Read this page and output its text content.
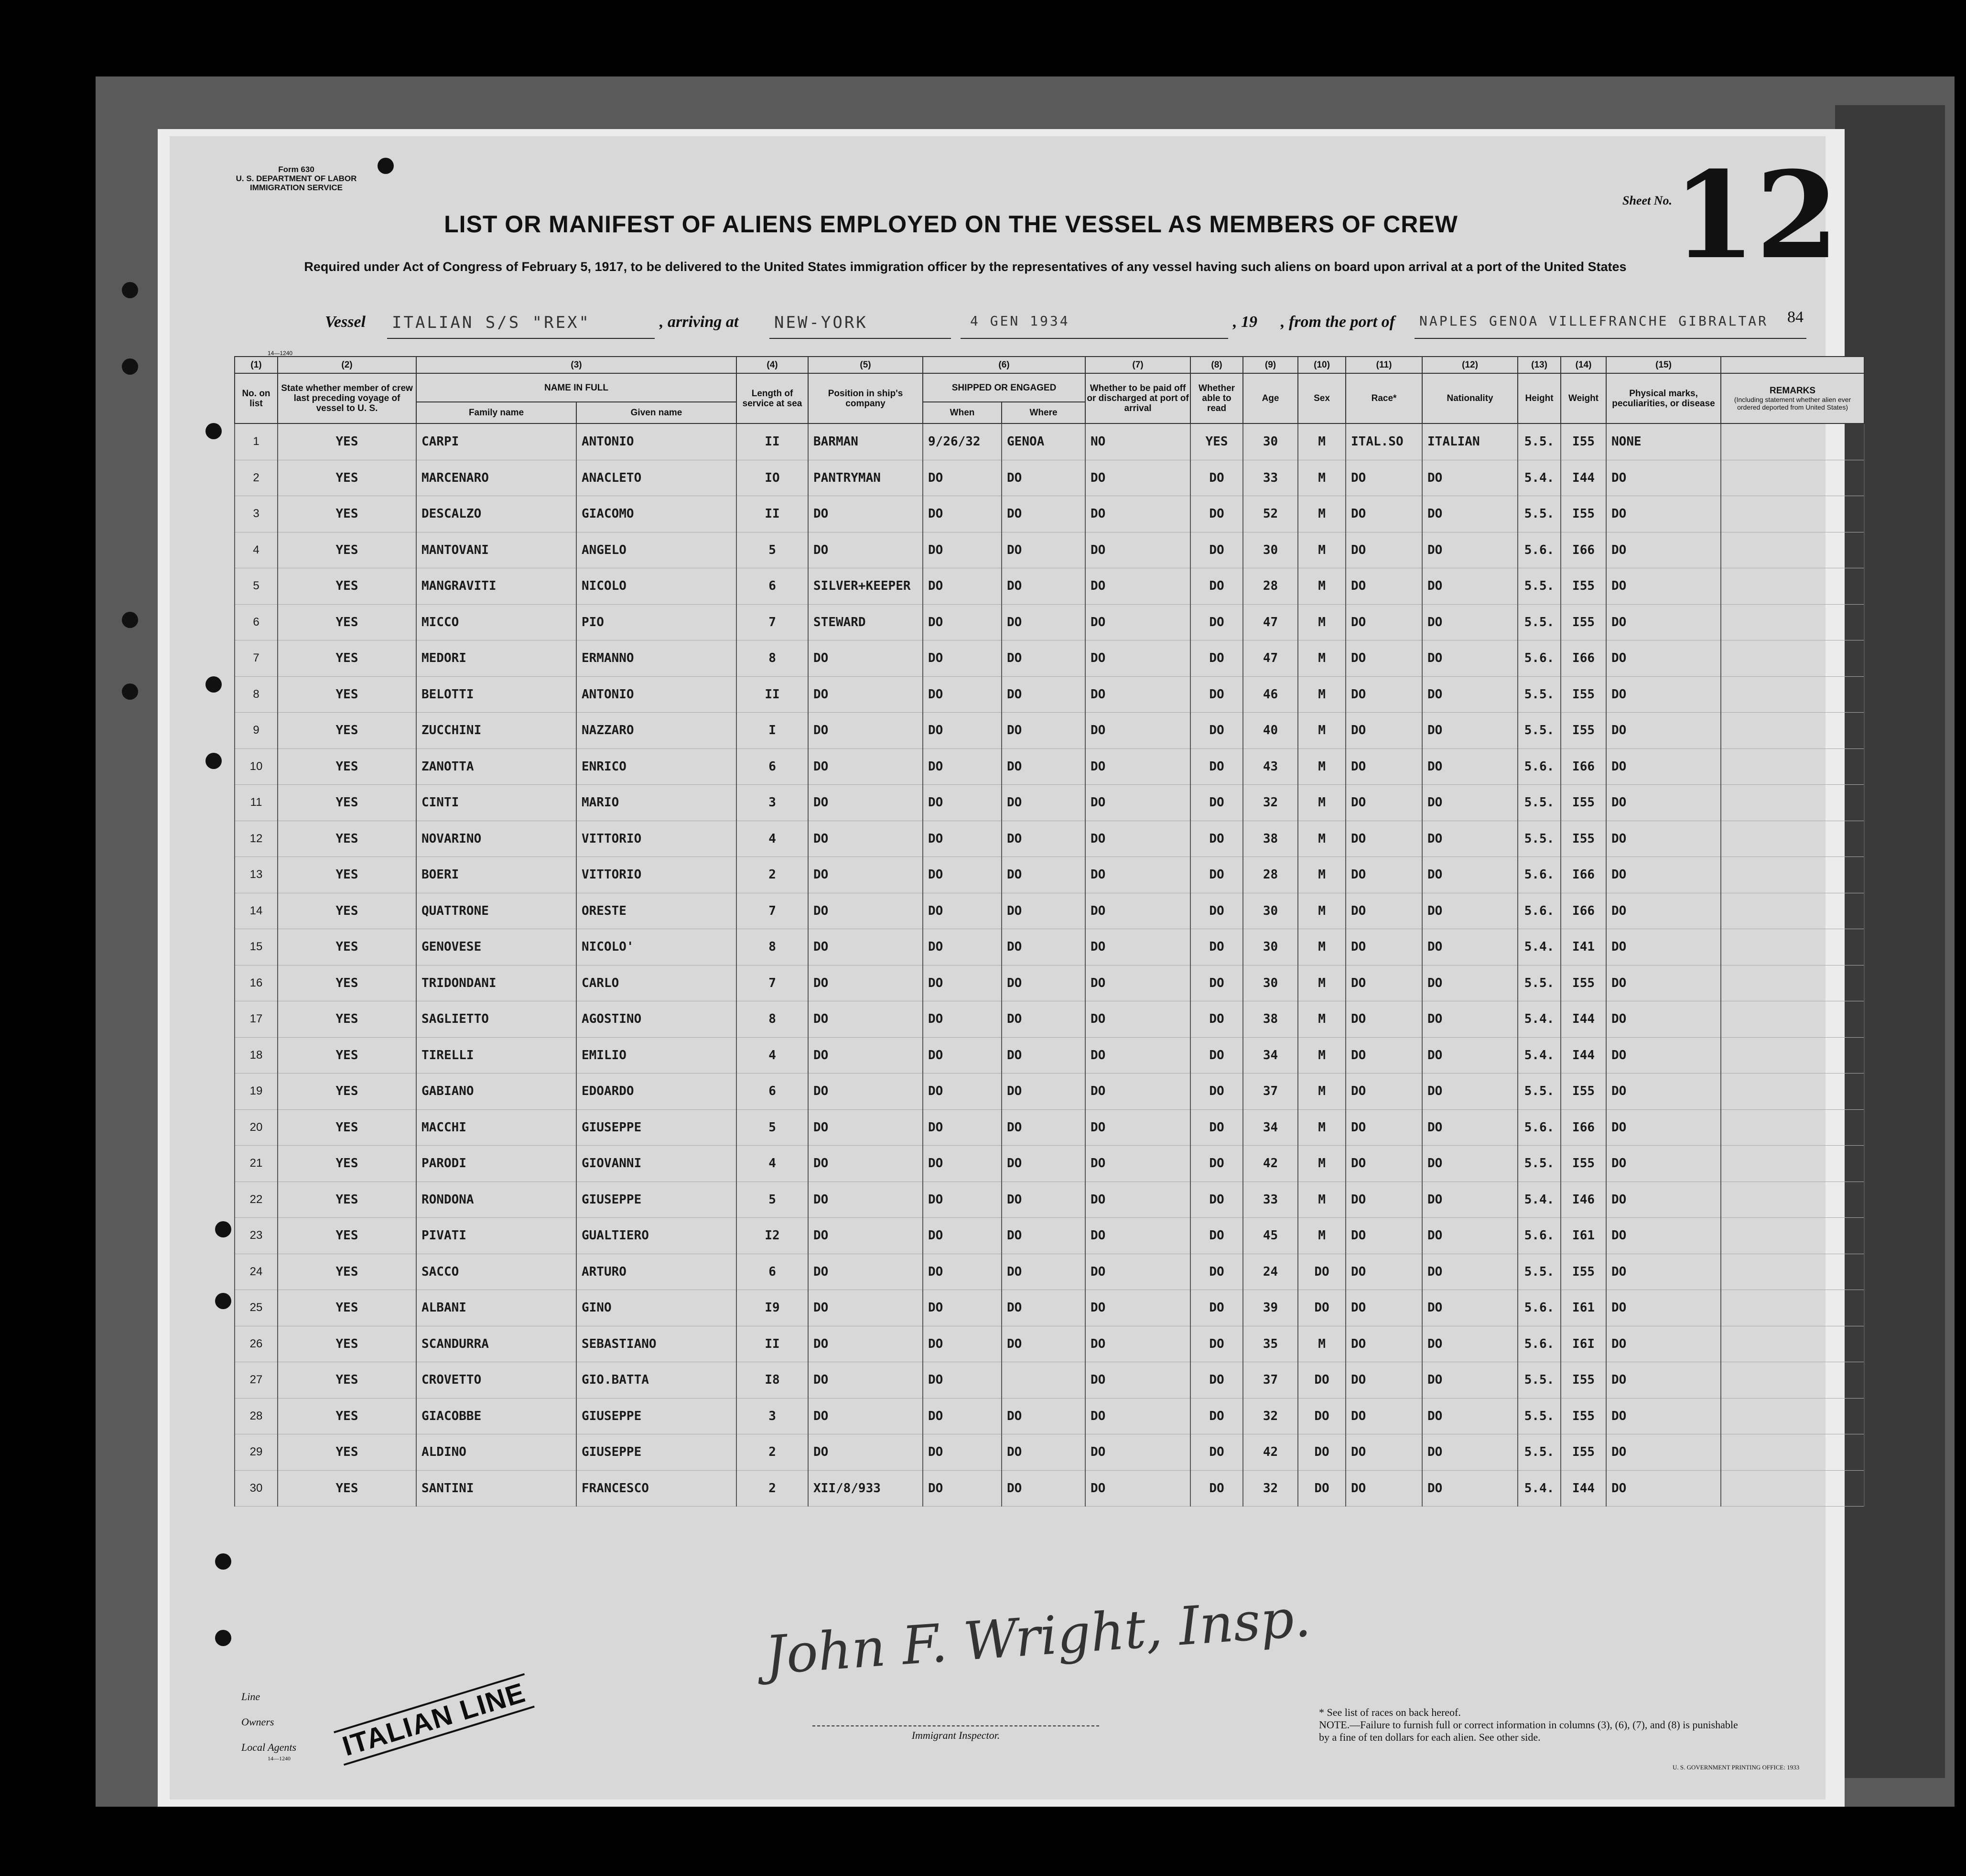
Form 630
U. S. DEPARTMENT OF LABOR
IMMIGRATION SERVICE
14—1240
LIST OR MANIFEST OF ALIENS EMPLOYED ON THE VESSEL AS MEMBERS OF CREW
Required under Act of Congress of February 5, 1917, to be delivered to the United States immigration officer by the representatives of any vessel having such aliens on board upon arrival at a port of the United States
Sheet No. 12
Vessel ITALIAN S/S "REX"	, arriving at NEW-YORK	4 GEN 1934	, 19 , from the port of NAPLES GENOA VILLEFRANCHE GIBRALTAR 84
(1)	(2)	(3)		(4)	(5)	(6)		(7)	(8)	(9)	(10)	(11)	(12)	(13)	(14)	(15)	
No. on list	State whether member of crew last preceding voyage of vessel to U. S.	NAME IN FULL		Length of service at sea	Position in ship's company	SHIPPED OR ENGAGED		Whether to be paid off or discharged at port of arrival	Whether able to read	Age	Sex	Race*	Nationality	Height	Weight	Physical marks, peculiarities, or disease	REMARKS
(Including statement whether alien ever ordered deported from United States)

		Family name	Given name			When	Where										
1	YES	CARPI	ANTONIO	II	BARMAN	9/26/32	GENOA	NO	YES	30	M	ITAL.SO	ITALIAN	5.5.	I55	NONE	
2	YES	MARCENARO	ANACLETO	IO	PANTRYMAN	DO	DO	DO	DO	33	M	DO	DO	5.4.	I44	DO	
3	YES	DESCALZO	GIACOMO	II	DO	DO	DO	DO	DO	52	M	DO	DO	5.5.	I55	DO	
4	YES	MANTOVANI	ANGELO	5	DO	DO	DO	DO	DO	30	M	DO	DO	5.6.	I66	DO	
5	YES	MANGRAVITI	NICOLO	6	SILVER+KEEPER	DO	DO	DO	DO	28	M	DO	DO	5.5.	I55	DO	
6	YES	MICCO	PIO	7	STEWARD	DO	DO	DO	DO	47	M	DO	DO	5.5.	I55	DO	
7	YES	MEDORI	ERMANNO	8	DO	DO	DO	DO	DO	47	M	DO	DO	5.6.	I66	DO	
8	YES	BELOTTI	ANTONIO	II	DO	DO	DO	DO	DO	46	M	DO	DO	5.5.	I55	DO	
9	YES	ZUCCHINI	NAZZARO	I	DO	DO	DO	DO	DO	40	M	DO	DO	5.5.	I55	DO	
10	YES	ZANOTTA	ENRICO	6	DO	DO	DO	DO	DO	43	M	DO	DO	5.6.	I66	DO	
11	YES	CINTI	MARIO	3	DO	DO	DO	DO	DO	32	M	DO	DO	5.5.	I55	DO	
12	YES	NOVARINO	VITTORIO	4	DO	DO	DO	DO	DO	38	M	DO	DO	5.5.	I55	DO	
13	YES	BOERI	VITTORIO	2	DO	DO	DO	DO	DO	28	M	DO	DO	5.6.	I66	DO	
14	YES	QUATTRONE	ORESTE	7	DO	DO	DO	DO	DO	30	M	DO	DO	5.6.	I66	DO	
15	YES	GENOVESE	NICOLO'	8	DO	DO	DO	DO	DO	30	M	DO	DO	5.4.	I41	DO	
16	YES	TRIDONDANI	CARLO	7	DO	DO	DO	DO	DO	30	M	DO	DO	5.5.	I55	DO	
17	YES	SAGLIETTO	AGOSTINO	8	DO	DO	DO	DO	DO	38	M	DO	DO	5.4.	I44	DO	
18	YES	TIRELLI	EMILIO	4	DO	DO	DO	DO	DO	34	M	DO	DO	5.4.	I44	DO	
19	YES	GABIANO	EDOARDO	6	DO	DO	DO	DO	DO	37	M	DO	DO	5.5.	I55	DO	
20	YES	MACCHI	GIUSEPPE	5	DO	DO	DO	DO	DO	34	M	DO	DO	5.6.	I66	DO	
21	YES	PARODI	GIOVANNI	4	DO	DO	DO	DO	DO	42	M	DO	DO	5.5.	I55	DO	
22	YES	RONDONA	GIUSEPPE	5	DO	DO	DO	DO	DO	33	M	DO	DO	5.4.	I46	DO	
23	YES	PIVATI	GUALTIERO	I2	DO	DO	DO	DO	DO	45	M	DO	DO	5.6.	I61	DO	
24	YES	SACCO	ARTURO	6	DO	DO	DO	DO	DO	24	DO	DO	DO	5.5.	I55	DO	
25	YES	ALBANI	GINO	I9	DO	DO	DO	DO	DO	39	DO	DO	DO	5.6.	I61	DO	
26	YES	SCANDURRA	SEBASTIANO	II	DO	DO	DO	DO	DO	35	M	DO	DO	5.6.	I6I	DO	
27	YES	CROVETTO	GIO.BATTA	I8	DO	DO		DO	DO	37	DO	DO	DO	5.5.	I55	DO	
28	YES	GIACOBBE	GIUSEPPE	3	DO	DO	DO	DO	DO	32	DO	DO	DO	5.5.	I55	DO	
29	YES	ALDINO	GIUSEPPE	2	DO	DO	DO	DO	DO	42	DO	DO	DO	5.5.	I55	DO	
30	YES	SANTINI	FRANCESCO	2	XII/8/933	DO	DO	DO	DO	32	DO	DO	DO	5.4.	I44	DO	
Line
Owners
Local Agents
14—1240 ITALIAN LINE
John F. Wright, Insp.
Immigrant Inspector.
* See list of races on back hereof.
NOTE.—Failure to furnish full or correct information in columns (3), (6), (7), and (8) is punishable by a fine of ten dollars for each alien. See other side.
U. S. GOVERNMENT PRINTING OFFICE: 1933
